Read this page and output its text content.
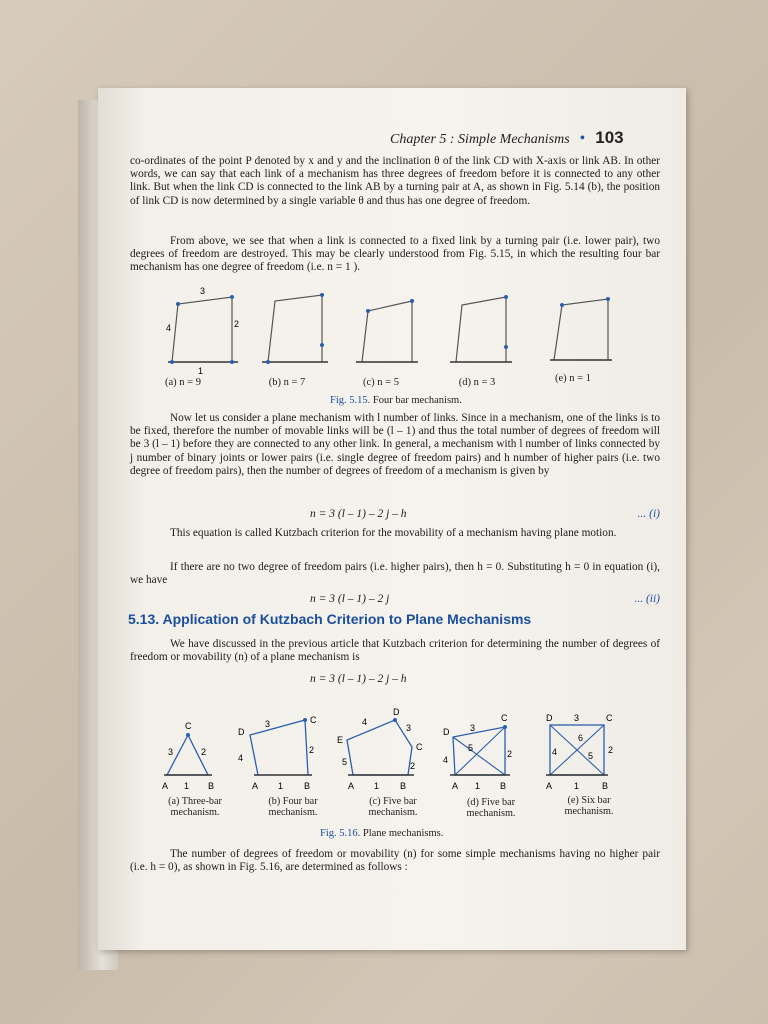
Chapter 5 : Simple Mechanisms • 103
co-ordinates of the point P denoted by x and y and the inclination θ of the link CD with X-axis or link AB. In other words, we can say that each link of a mechanism has three degrees of freedom before it is connected to any other link. But when the link CD is connected to the link AB by a turning pair at A, as shown in Fig. 5.14 (b), the position of link CD is now determined by a single variable θ and thus has one degree of freedom.
From above, we see that when a link is connected to a fixed link by a turning pair (i.e. lower pair), two degrees of freedom are destroyed. This may be clearly understood from Fig. 5.15, in which the resulting four bar mechanism has one degree of freedom (i.e. n = 1 ).
3
4	2
1
(a) n = 9	(b) n = 7	(c) n = 5	(d) n = 3	(e) n = 1
Fig. 5.15. Four bar mechanism.
Now let us consider a plane mechanism with l number of links. Since in a mechanism, one of the links is to be fixed, therefore the number of movable links will be (l – 1) and thus the total number of degrees of freedom will be 3 (l – 1) before they are connected to any other link. In general, a mechanism with l number of links connected by j number of binary joints or lower pairs (i.e. single degree of freedom pairs) and h number of higher pairs (i.e. two degree of freedom pairs), then the number of degrees of freedom of a mechanism is given by
n = 3 (l – 1) – 2 j – h	... (i)
This equation is called Kutzbach criterion for the movability of a mechanism having plane motion.
If there are no two degree of freedom pairs (i.e. higher pairs), then h = 0. Substituting h = 0 in equation (i), we have
n = 3 (l – 1) – 2 j	... (ii)
5.13. Application of Kutzbach Criterion to Plane Mechanisms
We have discussed in the previous article that Kutzbach criterion for determining the number of degrees of freedom or movability (n) of a plane mechanism is
n = 3 (l – 1) – 2 j – h
C
3	2
A 1 B
D
3	C
4
2
A 1 B
D
4
3
E
C
5	2
A 1 B
D 3
C
5
4
2
A 1 B
D 3	C
6
4	5
2
A 1	B
(a) Three-bar
mechanism.
(b) Four bar
mechanism.
(c) Five bar
mechanism.
(d) Five bar
mechanism.
(e) Six bar
mechanism.
Fig. 5.16. Plane mechanisms.
The number of degrees of freedom or movability (n) for some simple mechanisms having no higher pair (i.e. h = 0), as shown in Fig. 5.16, are determined as follows :
